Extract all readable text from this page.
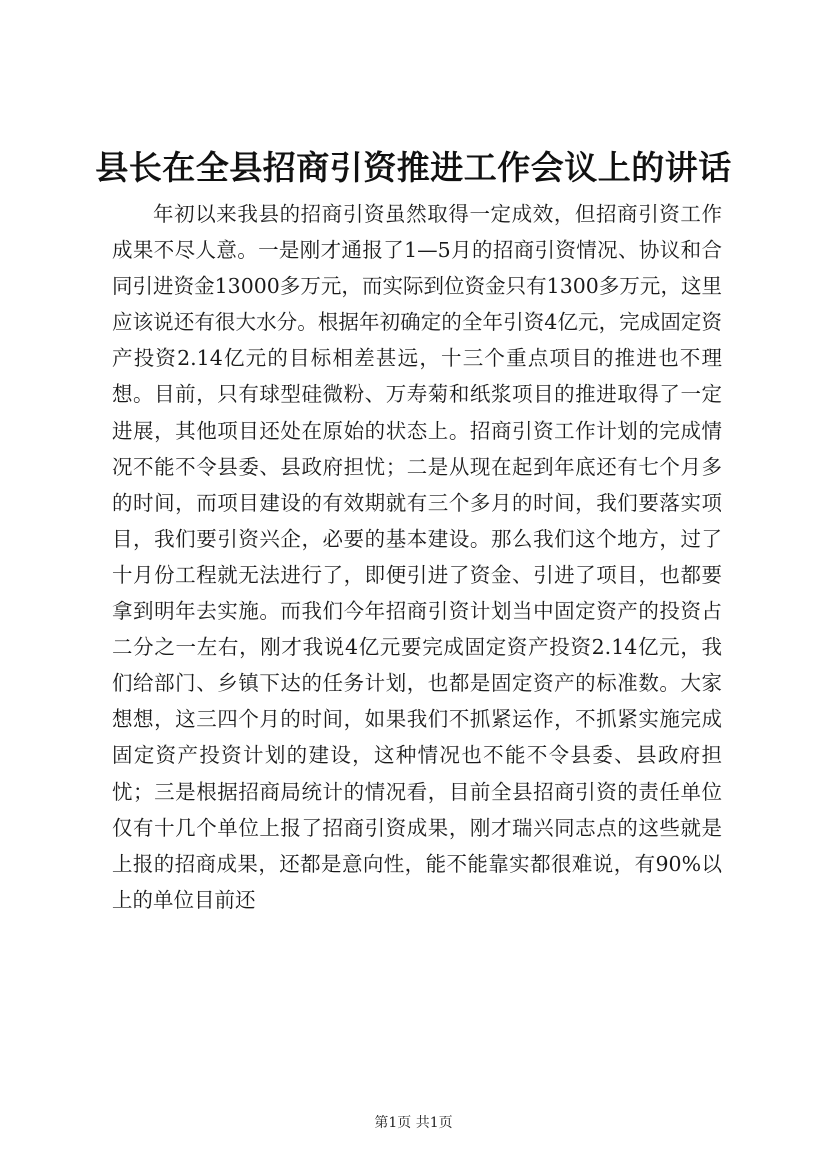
县长在全县招商引资推进工作会议上的讲话

年初以来我县的招商引资虽然取得一定成效，但招商引资工作成果不尽人意。一是刚才通报了1—5月的招商引资情况、协议和合同引进资金13000多万元，而实际到位资金只有1300多万元，这里应该说还有很大水分。根据年初确定的全年引资4亿元，完成固定资产投资2.14亿元的目标相差甚远，十三个重点项目的推进也不理想。目前，只有球型硅微粉、万寿菊和纸浆项目的推进取得了一定进展，其他项目还处在原始的状态上。招商引资工作计划的完成情况不能不令县委、县政府担忧；二是从现在起到年底还有七个月多的时间，而项目建设的有效期就有三个多月的时间，我们要落实项目，我们要引资兴企，必要的基本建设。那么我们这个地方，过了十月份工程就无法进行了，即便引进了资金、引进了项目，也都要拿到明年去实施。而我们今年招商引资计划当中固定资产的投资占二分之一左右，刚才我说4亿元要完成固定资产投资2.14亿元，我们给部门、乡镇下达的任务计划，也都是固定资产的标准数。大家想想，这三四个月的时间，如果我们不抓紧运作，不抓紧实施完成固定资产投资计划的建设，这种情况也不能不令县委、县政府担忧；三是根据招商局统计的情况看，目前全县招商引资的责任单位仅有十几个单位上报了招商引资成果，刚才瑞兴同志点的这些就是上报的招商成果，还都是意向性，能不能靠实都很难说，有90%以上的单位目前还

第1页 共1页
